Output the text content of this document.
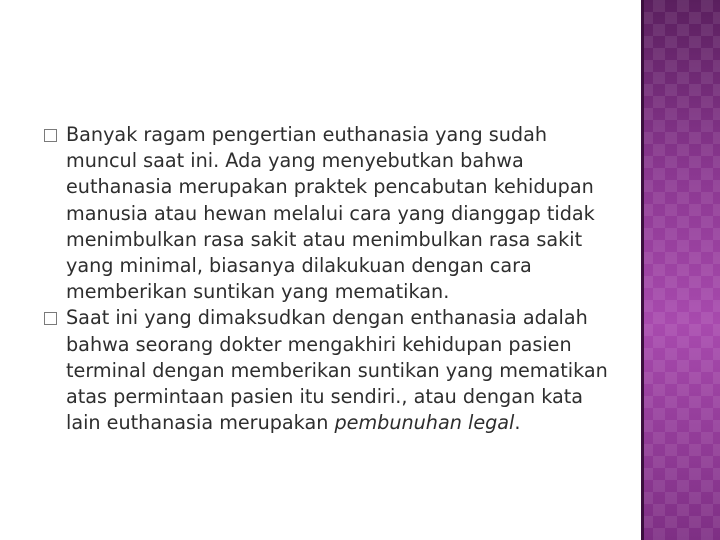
Banyak ragam pengertian euthanasia yang sudah muncul saat ini. Ada yang menyebutkan bahwa euthanasia merupakan praktek pencabutan kehidupan manusia atau hewan melalui cara yang dianggap tidak menimbulkan rasa sakit atau menimbulkan rasa sakit yang minimal, biasanya dilakukuan dengan cara memberikan suntikan yang mematikan.

Saat ini yang dimaksudkan dengan enthanasia adalah bahwa seorang dokter mengakhiri kehidupan pasien terminal dengan memberikan suntikan yang mematikan atas permintaan pasien itu sendiri., atau dengan kata lain euthanasia merupakan pembunuhan legal.
